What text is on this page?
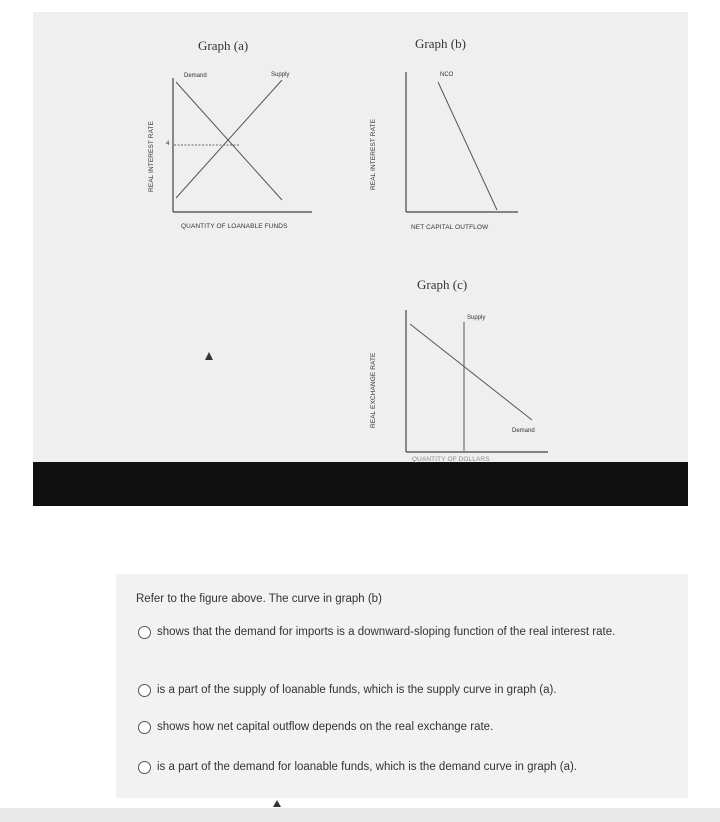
Graph (a)
REAL INTEREST RATE
QUANTITY OF LOANABLE FUNDS
Demand	Supply
4
Graph (b)
REAL INTEREST RATE
NET CAPITAL OUTFLOW
NCO
Graph (c)
REAL EXCHANGE RATE
Supply
Demand
QUANTITY OF DOLLARS
Refer to the figure above. The curve in graph (b)
shows that the demand for imports is a downward-sloping function of the real interest rate.
is a part of the supply of loanable funds, which is the supply curve in graph (a).
shows how net capital outflow depends on the real exchange rate.
is a part of the demand for loanable funds, which is the demand curve in graph (a).
